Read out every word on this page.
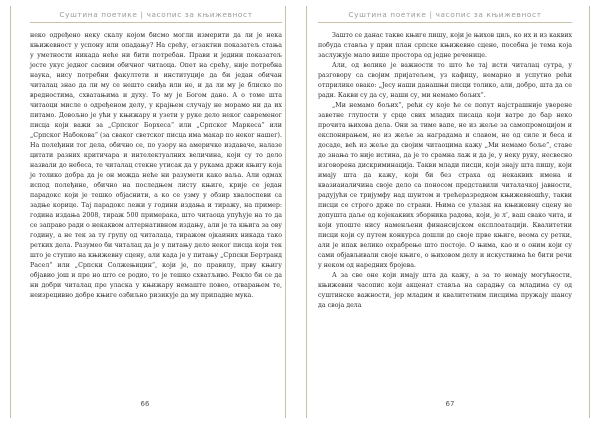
Суштина поетике | часопис за књижевност

неко одређено неку скалу којом бисмо могли измерити да ли је нека књижевност у успону или опадању? На срећу, егзактни показатељ стања у уметности никада неће ни бити потребан. Прави и једини показатељ јесте укус једног сасвим обичног читаоца. Опет на срећу, није потребна наука, нису потребни факултети и институције да би један обичан читалац знао да ли му се нешто свиђа или не, и да ли му је блиско по вредностима, схватањима и духу. То му је Богом дано. А о томе шта читаоци мисле о одређеном делу, у крајњем случају не морамо ни да их питамо. Довољно је ући у књижару и узети у руке дело неког савременог писца који важи за „Српског Борхеса“ или „Српског Маркеса“ или „Српског Набокова“ (за сваког светског писца има макар по неког нашег). На полеђини тог дела, обично се, по узору на америчке издаваче, налазе цитати разних критичара и интелектуалних величина, који су то дело назвали до небеса, те читалац стекне утисак да у рукама држи књигу која је толико добра да је он можда неће ни разумети како ваља. Али одмах испод полеђине, обично на последњем листу књиге, крије се један парадокс који је тешко објаснити, а ко се узму у обзир хвалоспеви са задње корице. Тај парадокс лежи у години издања и тиражу, на пример: година издања 2008, тираж 500 примерака, што читаоца упућује на то да се заправо ради о некаквом алтернативном издању, али је та књига за ову годину, а не тек за ту групу од читалаца, тиражом ојкаиних никада тако ретких дела. Разумео би читалац да је у питању дело неког писца који тек што је ступио на књижевну сцену, али када је у питању „Српски Бертранд Расел“ или „Српски Солжењицин“, који је, по правилу, прву књигу објавио још и пре но што се родио, то је тешко схватљиво. Рекло би се да ни добри читалац пре уласка у књижару немаште повео, отварањем те, неизрецивно добре књиге озбиљно ризикује да му припадне мука.

66
Суштина поетике | часопис за књижевност

Зашто се данас такве књиге пишу, који је њихов циљ, ко их и из каквих побуда ставља у први план српске књижевне сцене, посебна је тема која заслужује мало више простора од једне реченице.

Али, од велике је важности то што ће тај исти читалац сутра, у разговору са својим пријатељем, уз кафицу, немарно и успутно рећи отприлике овако: „Јесу наши данашњи писци толико, али, добро, шта да се ради. Какви су да су, наши су, ми немамо бољих“.

„Ми немамо бољих“, рећи су које ће се попут најстрашније уверене заветне глупости у срце свих младих писаца који ватре до бар неко прочита њихова дела. Они за тиме вапе, не из жеље за самопромоцијом и експонирањем, не из жеље за наградама и славом, не од силе и беса и досаде, већ из жеље да својим читаоцима кажу „Ми немамо боље“, ставе до знања то није истина, да је то срамна лаж и да је, у неку руку, несвесно изговорена дискриминација. Такви млади писци, који знају шта пишу, који имају шта да кажу, који би без страха од некаквих имена и квазиаиаличина своје дело са поносом представили читалачкој јавности, радујући се тријумфу над шунтом и трећеразредном књижевношћу, такви писци се строго држе по страни. Њима се улазак на књижевну сцену не допушта даље од којекаквих зборника радова, који, је л’, ваш свако чита, и који упоште нису наменљени финансијском експлоатацији. Квалитетни писци који су путем конкурса дошли до своје прве књиге, веома су ретки, али је ипак велико охрабрење што постоје. О њима, као и о оним који су сами објављивали своје књиге, о њиховом делу и искуствима ће бити речи у неком од наредних бројева.

А за све оне који имају шта да кажу, а за то немају могућности, књижевни часопис који акценат ставља на сарадњу са младима су од суштинске важности, јер младим и квалитетним писцима пружају шансу да своја дела

67
